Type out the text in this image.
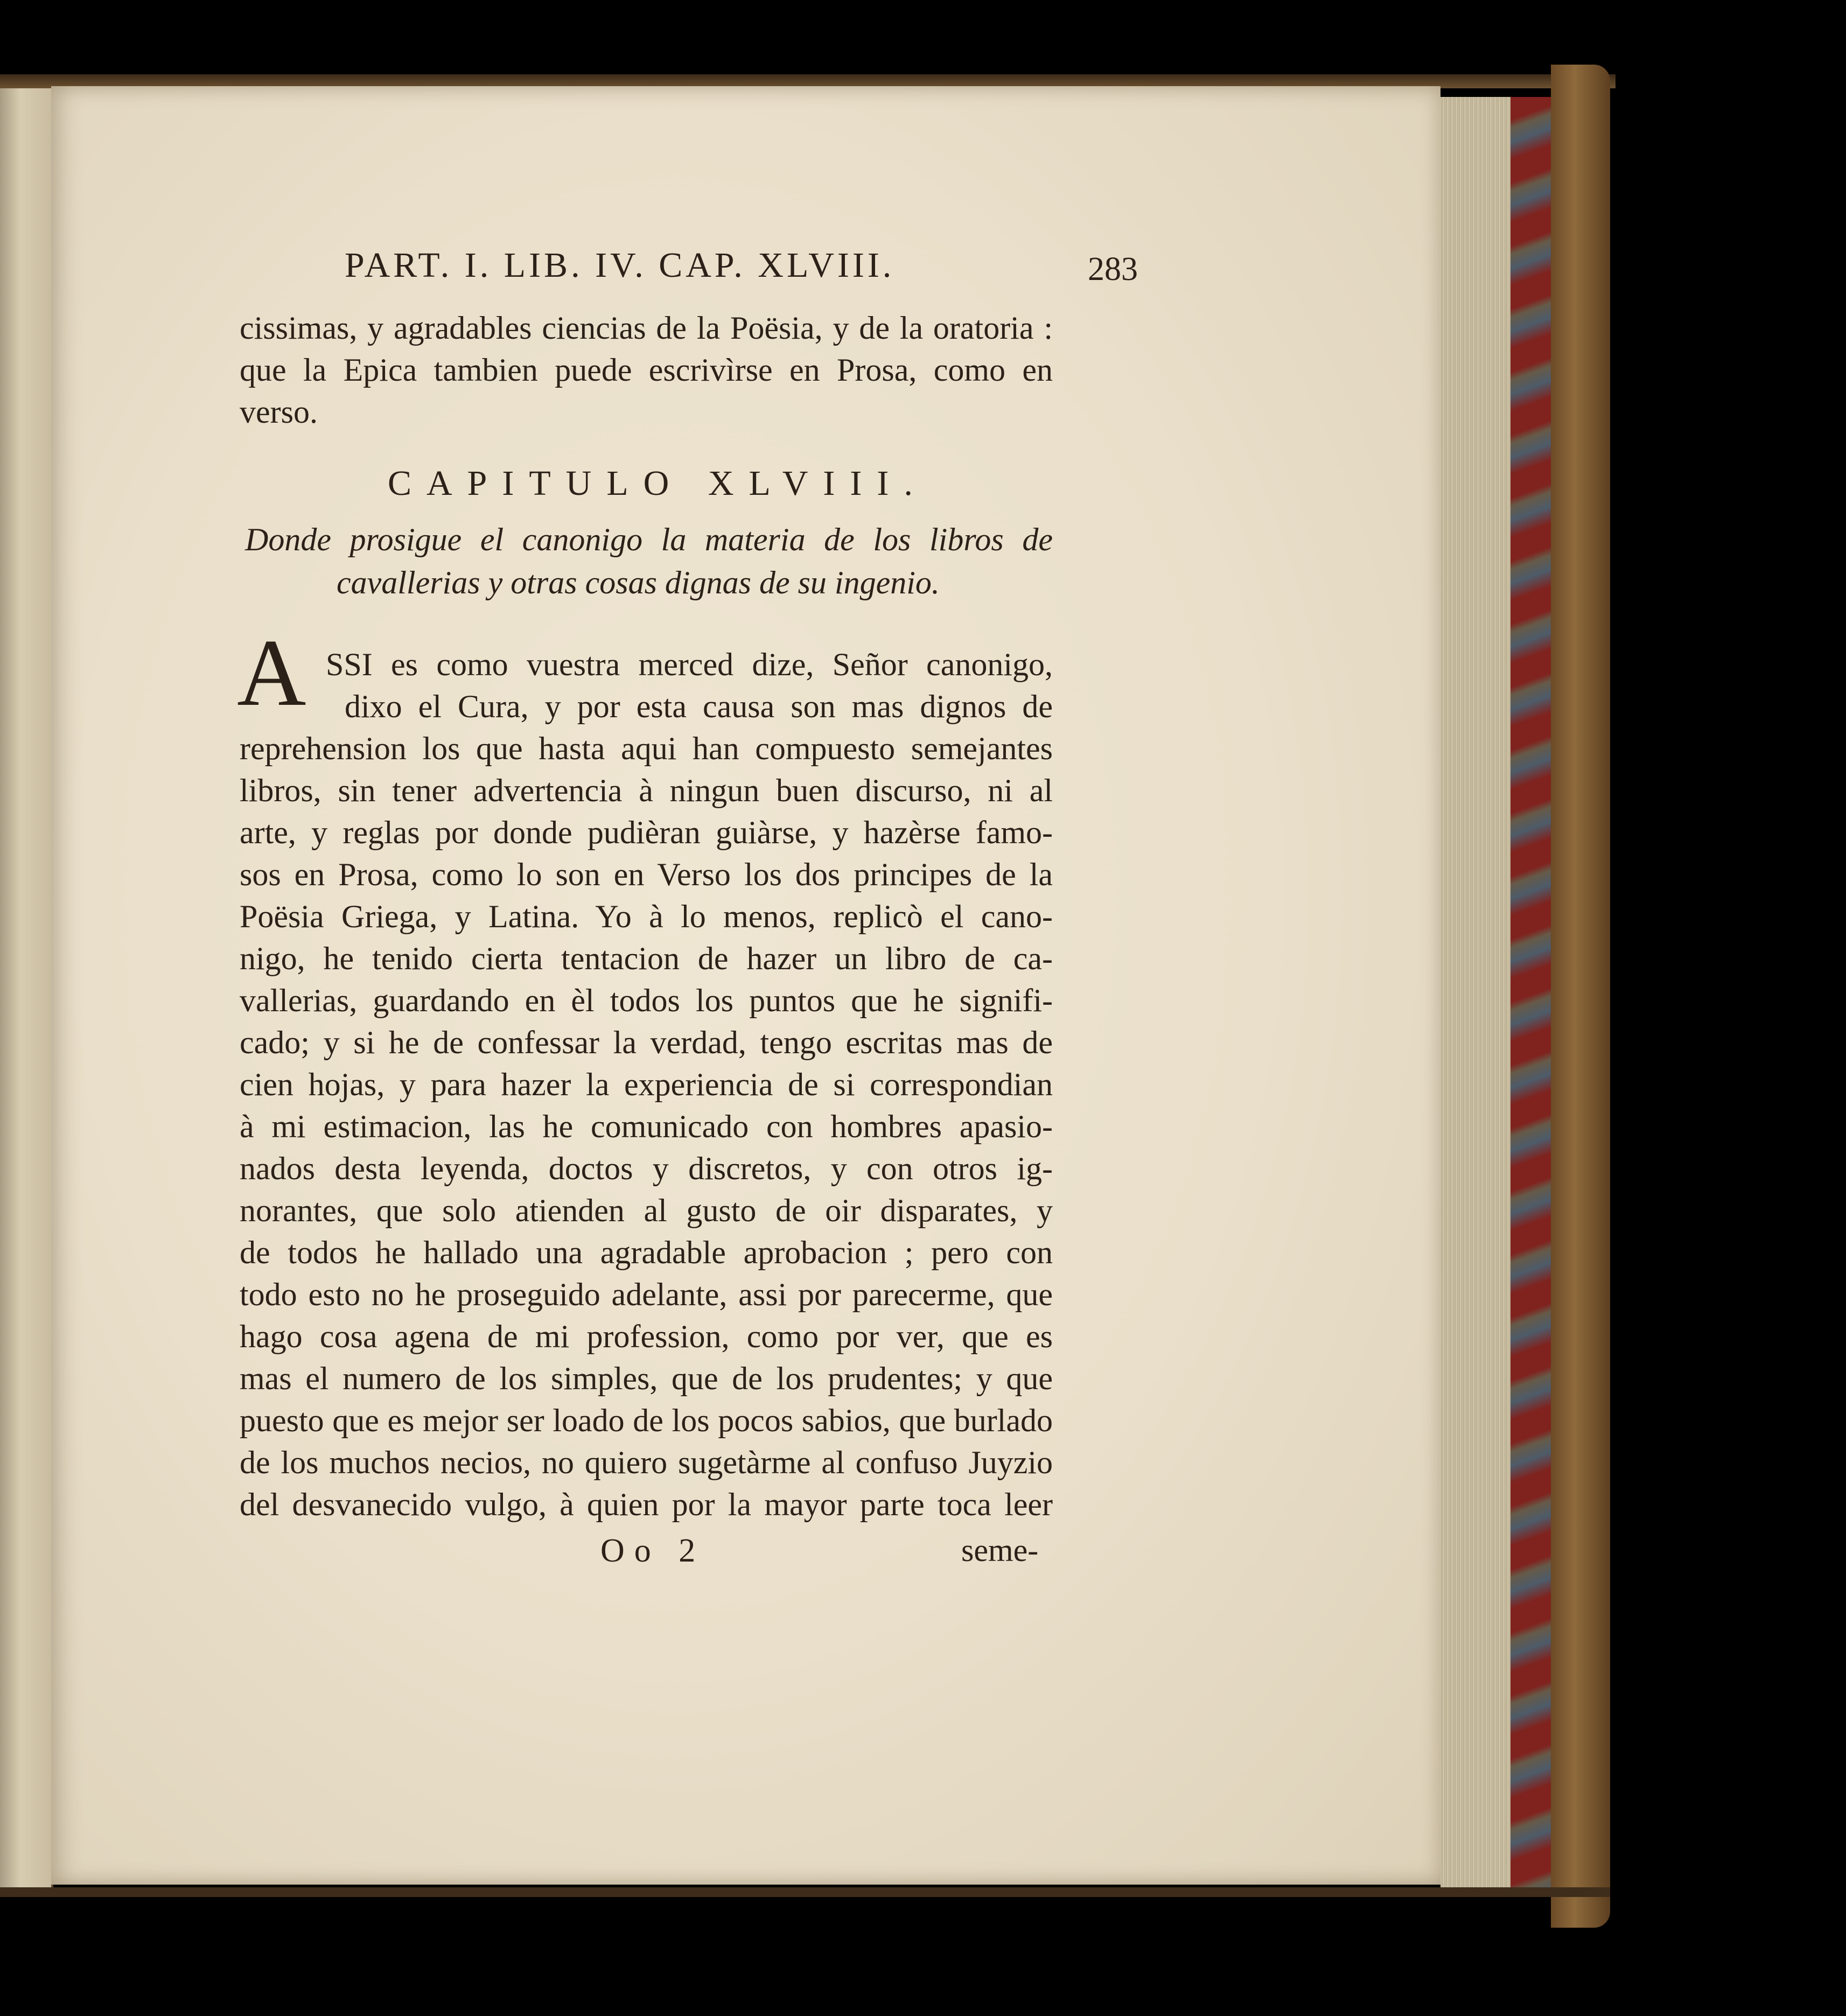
PART. I. LIB. IV. CAP. XLVIII.	283
cissimas, y agradables ciencias de la Poësia, y de la oratoria :
que la Epica tambien puede escrivìrse en Prosa, como en
verso.
CAPITULO XLVIII.
Donde prosigue el canonigo la materia de los libros de
cavallerias y otras cosas dignas de su ingenio.
A SSI es como vuestra merced dize, Señor canonigo,
dixo el Cura, y por esta causa son mas dignos de
reprehension los que hasta aqui han compuesto semejantes
libros, sin tener advertencia à ningun buen discurso, ni al
arte, y reglas por donde pudièran guiàrse, y hazèrse famo-
sos en Prosa, como lo son en Verso los dos principes de la
Poësia Griega, y Latina. Yo à lo menos, replicò el cano-
nigo, he tenido cierta tentacion de hazer un libro de ca-
vallerias, guardando en èl todos los puntos que he signifi-
cado; y si he de confessar la verdad, tengo escritas mas de
cien hojas, y para hazer la experiencia de si correspondian
à mi estimacion, las he comunicado con hombres apasio-
nados desta leyenda, doctos y discretos, y con otros ig-
norantes, que solo atienden al gusto de oir disparates, y
de todos he hallado una agradable aprobacion ; pero con
todo esto no he proseguido adelante, assi por parecerme, que
hago cosa agena de mi profession, como por ver, que es
mas el numero de los simples, que de los prudentes; y que
puesto que es mejor ser loado de los pocos sabios, que burlado
de los muchos necios, no quiero sugetàrme al confuso Juyzio
del desvanecido vulgo, à quien por la mayor parte toca leer
Oo 2	seme-
